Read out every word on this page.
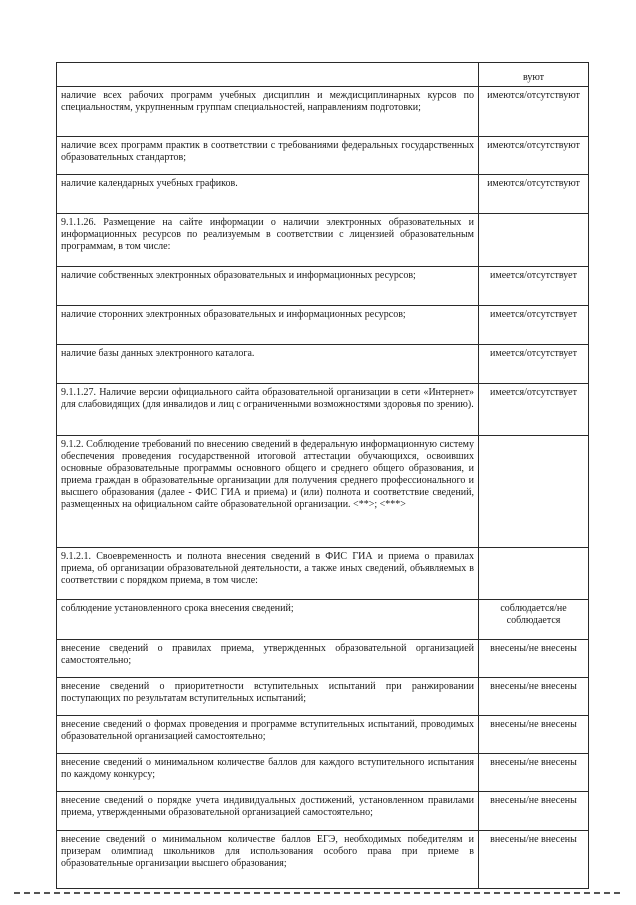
	вуют
наличие всех рабочих программ учебных дисциплин и междисциплинарных курсов по специальностям, укрупненным группам специальностей, направлениям подготовки;	имеются/отсутствуют
наличие всех программ практик в соответствии с требованиями федеральных государственных образовательных стандартов;	имеются/отсутствуют
наличие календарных учебных графиков.	имеются/отсутствуют
9.1.1.26. Размещение на сайте информации о наличии электронных образовательных и информационных ресурсов по реализуемым в соответствии с лицензией образовательным программам, в том числе:	
наличие собственных электронных образовательных и информационных ресурсов;	имеется/отсутствует
наличие сторонних электронных образовательных и информационных ресурсов;	имеется/отсутствует
наличие базы данных электронного каталога.	имеется/отсутствует
9.1.1.27. Наличие версии официального сайта образовательной организации в сети «Интернет» для слабовидящих (для инвалидов и лиц с ограниченными возможностями здоровья по зрению).	имеется/отсутствует
9.1.2. Соблюдение требований по внесению сведений в федеральную информационную систему обеспечения проведения государственной итоговой аттестации обучающихся, освоивших основные образовательные программы основного общего и среднего общего образования, и приема граждан в образовательные организации для получения среднего профессионального и высшего образования (далее - ФИС ГИА и приема) и (или) полнота и соответствие сведений, размещенных на официальном сайте образовательной организации. <**>; <***>	
9.1.2.1. Своевременность и полнота внесения сведений в ФИС ГИА и приема о правилах приема, об организации образовательной деятельности, а также иных сведений, объявляемых в соответствии с порядком приема, в том числе:	
соблюдение установленного срока внесения сведений;	соблюдается/не соблюдается
внесение сведений о правилах приема, утвержденных образовательной организацией самостоятельно;	внесены/не внесены
внесение сведений о приоритетности вступительных испытаний при ранжировании поступающих по результатам вступительных испытаний;	внесены/не внесены
внесение сведений о формах проведения и программе вступительных испытаний, проводимых образовательной организацией самостоятельно;	внесены/не внесены
внесение сведений о минимальном количестве баллов для каждого вступительного испытания по каждому конкурсу;	внесены/не внесены
внесение сведений о порядке учета индивидуальных достижений, установленном правилами приема, утвержденными образовательной организацией самостоятельно;	внесены/не внесены
внесение сведений о минимальном количестве баллов ЕГЭ, необходимых победителям и призерам олимпиад школьников для использования особого права при приеме в образовательные организации высшего образования;	внесены/не внесены
